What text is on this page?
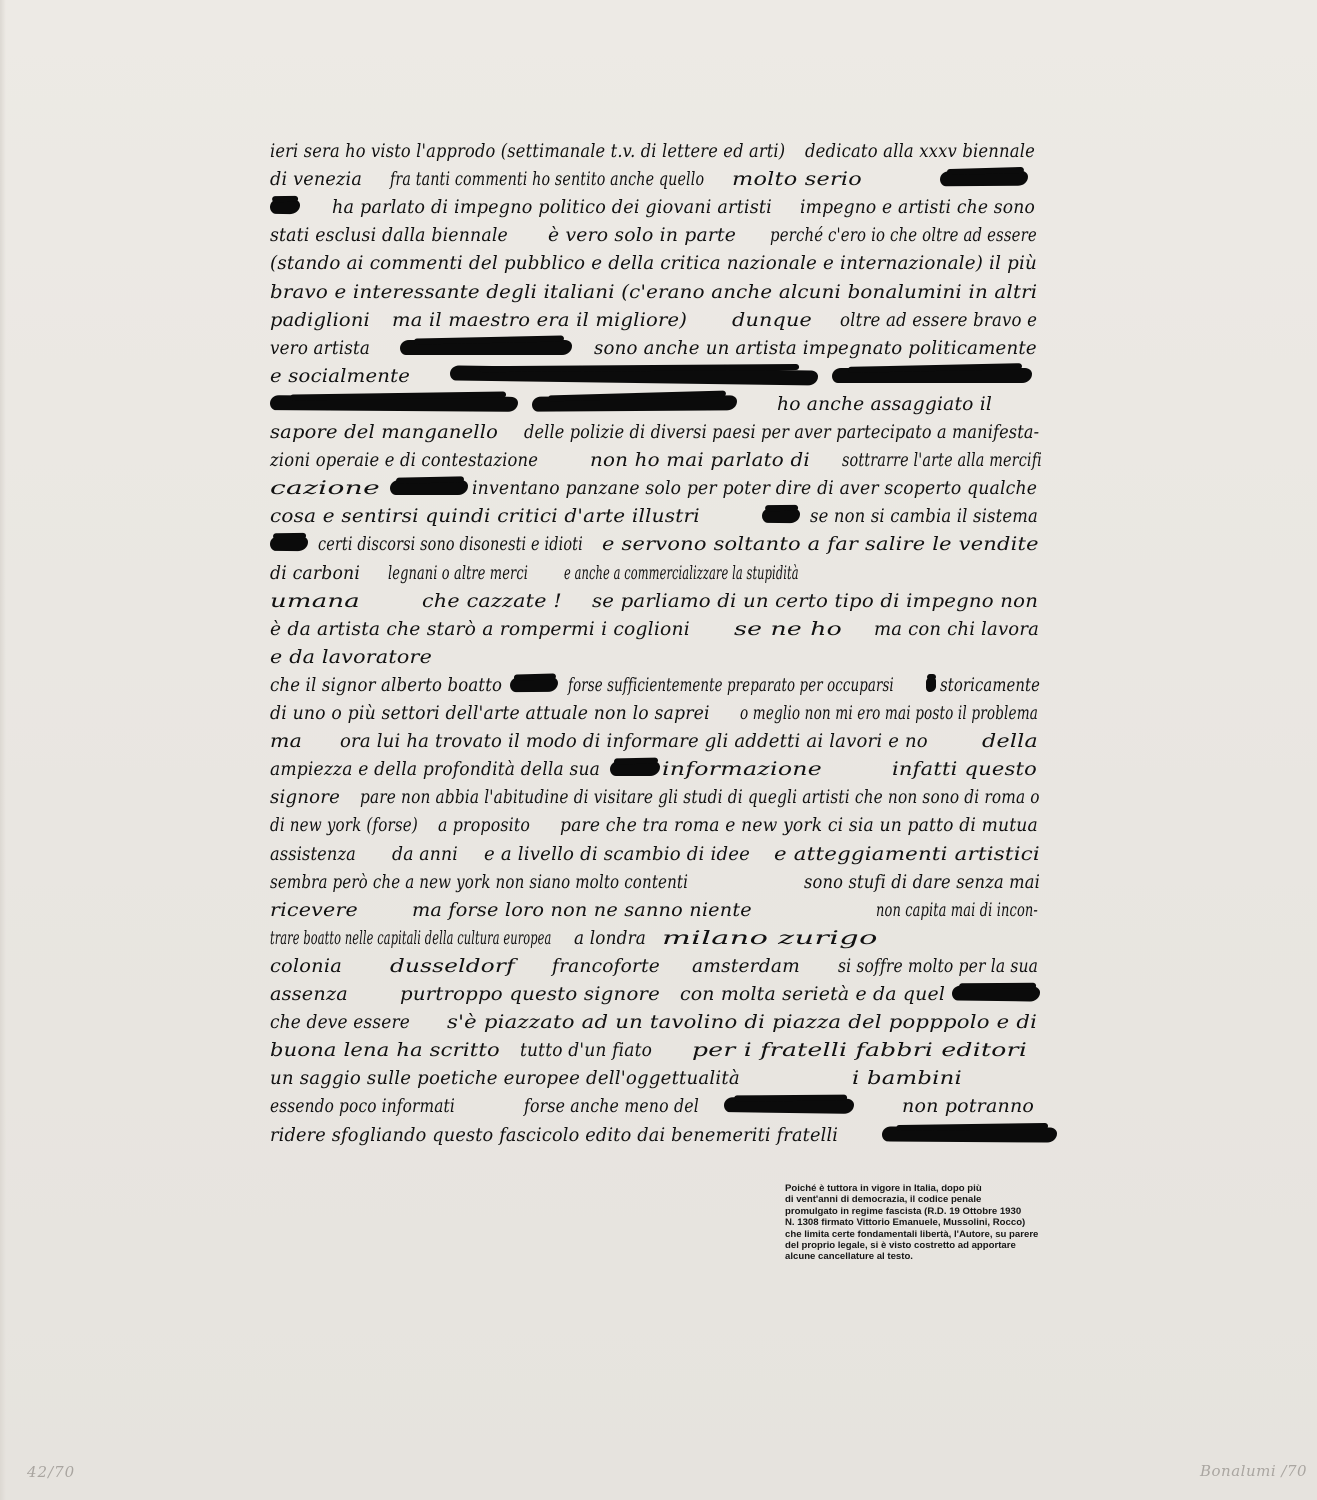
ieri sera ho visto l'approdo (settimanale t.v. di lettere ed arti) dedicato alla xxxv biennale
di venezia fra tanti commenti ho sentito anche quello molto serio
ha parlato di impegno politico dei giovani artisti impegno e artisti che sono
stati esclusi dalla biennale è vero solo in parte perché c'ero io che oltre ad essere
(stando ai commenti del pubblico e della critica nazionale e internazionale) il più
bravo e interessante degli italiani (c'erano anche alcuni bonalumini in altri
padiglioni ma il maestro era il migliore) dunque oltre ad essere bravo e
vero artista	sono anche un artista impegnato politicamente
e socialmente
ho anche assaggiato il
sapore del manganello delle polizie di diversi paesi per aver partecipato a manifesta-
zioni operaie e di contestazione	non ho mai parlato di sottrarre l'arte alla mercifi
cazione	inventano panzane solo per poter dire di aver scoperto qualche
cosa e sentirsi quindi critici d'arte illustri	se non si cambia il sistema
certi discorsi sono disonesti e idioti e servono soltanto a far salire le vendite
di carboni legnani o altre merci e anche a commercializzare la stupidità
umana	che cazzate ! se parliamo di un certo tipo di impegno non
è da artista che starò a rompermi i coglioni se ne ho ma con chi lavora
e da lavoratore
che il signor alberto boatto	forse sufficientemente preparato per occuparsi storicamente
di uno o più settori dell'arte attuale non lo saprei o meglio non mi ero mai posto il problema
ma ora lui ha trovato il modo di informare gli addetti ai lavori e no	della
ampiezza e della profondità della sua	informazione	infatti questo
signore pare non abbia l'abitudine di visitare gli studi di quegli artisti che non sono di roma o
di new york (forse) a proposito pare che tra roma e new york ci sia un patto di mutua
assistenza da anni e a livello di scambio di idee e atteggiamenti artistici
sembra però che a new york non siano molto contenti	sono stufi di dare senza mai
ricevere	ma forse loro non ne sanno niente	non capita mai di incon-
trare boatto nelle capitali della cultura europea a londra milano zurigo
colonia	dusseldorf francoforte amsterdam si soffre molto per la sua
assenza	purtroppo questo signore con molta serietà e da quel
che deve essere s'è piazzato ad un tavolino di piazza del popppolo e di
buona lena ha scritto tutto d'un fiato per i fratelli fabbri editori
un saggio sulle poetiche europee dell'oggettualità	i bambini
essendo poco informati	forse anche meno del	non potranno
ridere sfogliando questo fascicolo edito dai benemeriti fratelli
Poiché è tuttora in vigore in Italia, dopo più
di vent'anni di democrazia, il codice penale
promulgato in regime fascista (R.D. 19 Ottobre 1930
N. 1308 firmato Vittorio Emanuele, Mussolini, Rocco)
che limita certe fondamentali libertà, l'Autore, su parere
del proprio legale, si è visto costretto ad apportare
alcune cancellature al testo.
42/70	Bonalumi /70
